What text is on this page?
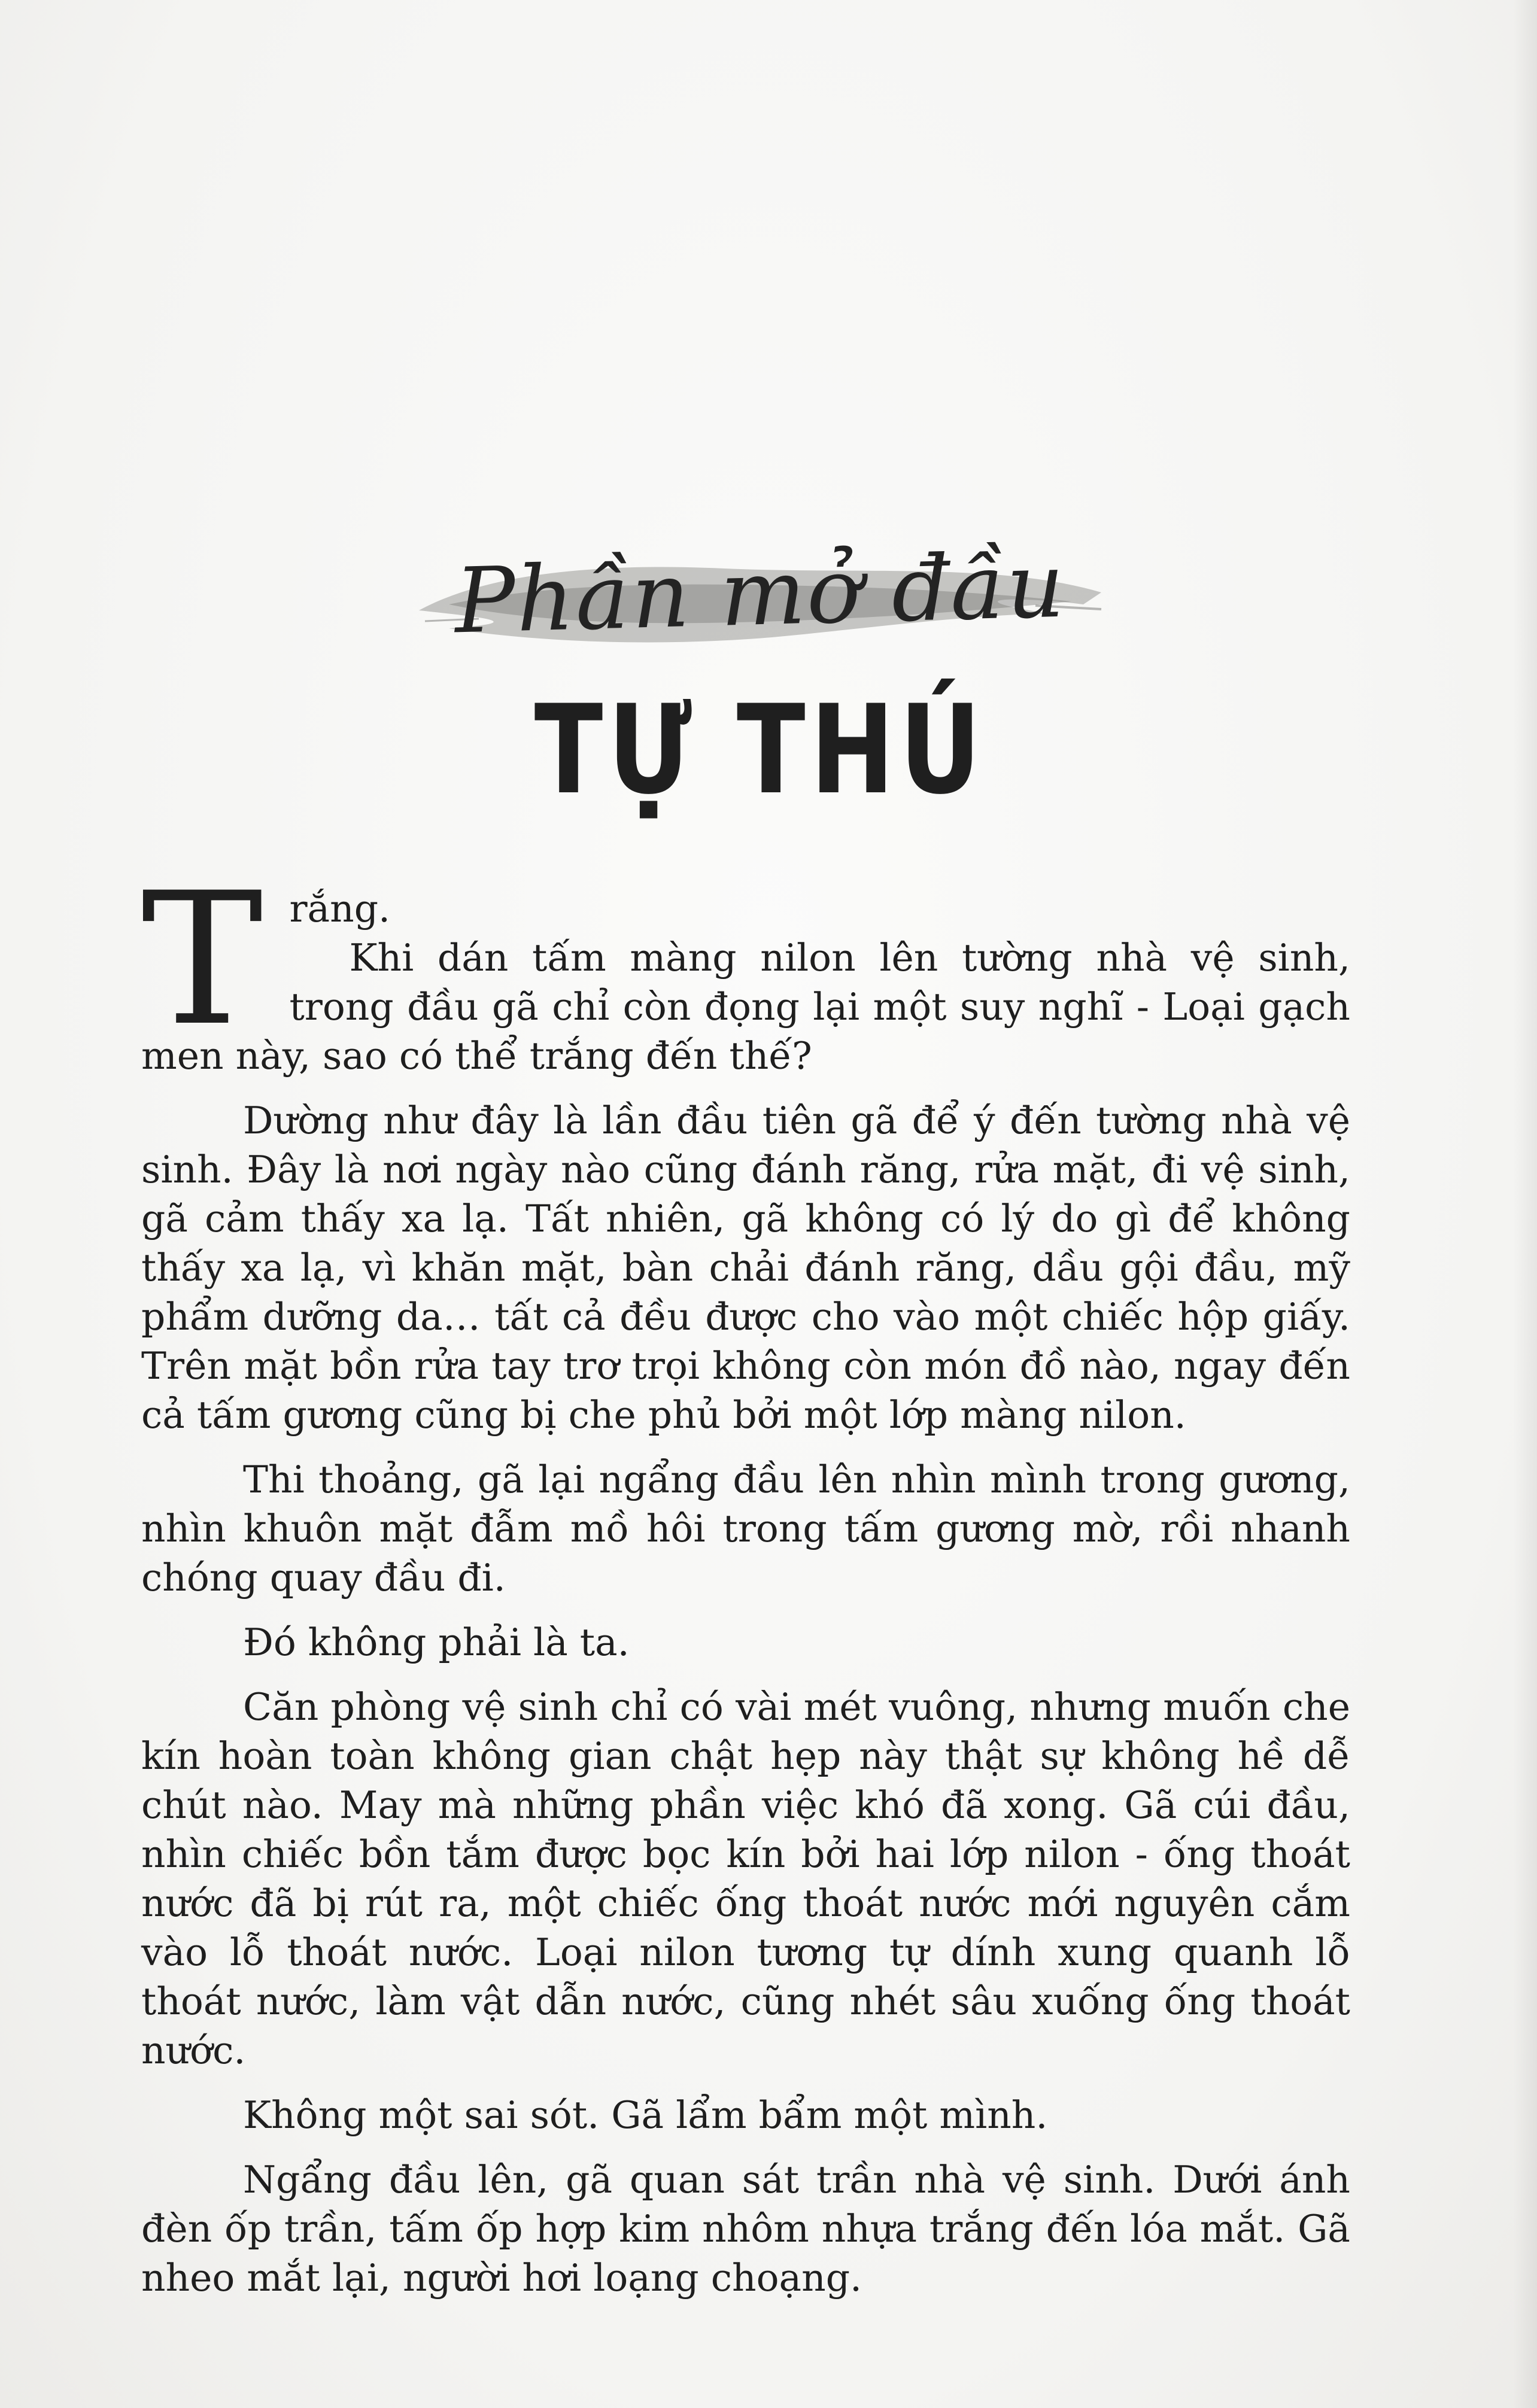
Phần mở đầu
TỰ THÚ

T rắng.
Khi dán tấm màng nilon lên tường nhà vệ sinh, trong đầu gã chỉ còn đọng lại một suy nghĩ - Loại gạch men này, sao có thể trắng đến thế?

Dường như đây là lần đầu tiên gã để ý đến tường nhà vệ sinh. Đây là nơi ngày nào cũng đánh răng, rửa mặt, đi vệ sinh, gã cảm thấy xa lạ. Tất nhiên, gã không có lý do gì để không thấy xa lạ, vì khăn mặt, bàn chải đánh răng, dầu gội đầu, mỹ phẩm dưỡng da… tất cả đều được cho vào một chiếc hộp giấy. Trên mặt bồn rửa tay trơ trọi không còn món đồ nào, ngay đến cả tấm gương cũng bị che phủ bởi một lớp màng nilon.

Thi thoảng, gã lại ngẩng đầu lên nhìn mình trong gương, nhìn khuôn mặt đẫm mồ hôi trong tấm gương mờ, rồi nhanh chóng quay đầu đi.

Đó không phải là ta.

Căn phòng vệ sinh chỉ có vài mét vuông, nhưng muốn che kín hoàn toàn không gian chật hẹp này thật sự không hề dễ chút nào. May mà những phần việc khó đã xong. Gã cúi đầu, nhìn chiếc bồn tắm được bọc kín bởi hai lớp nilon - ống thoát nước đã bị rút ra, một chiếc ống thoát nước mới nguyên cắm vào lỗ thoát nước. Loại nilon tương tự dính xung quanh lỗ thoát nước, làm vật dẫn nước, cũng nhét sâu xuống ống thoát nước.

Không một sai sót. Gã lẩm bẩm một mình.

Ngẩng đầu lên, gã quan sát trần nhà vệ sinh. Dưới ánh đèn ốp trần, tấm ốp hợp kim nhôm nhựa trắng đến lóa mắt. Gã nheo mắt lại, người hơi loạng choạng.
